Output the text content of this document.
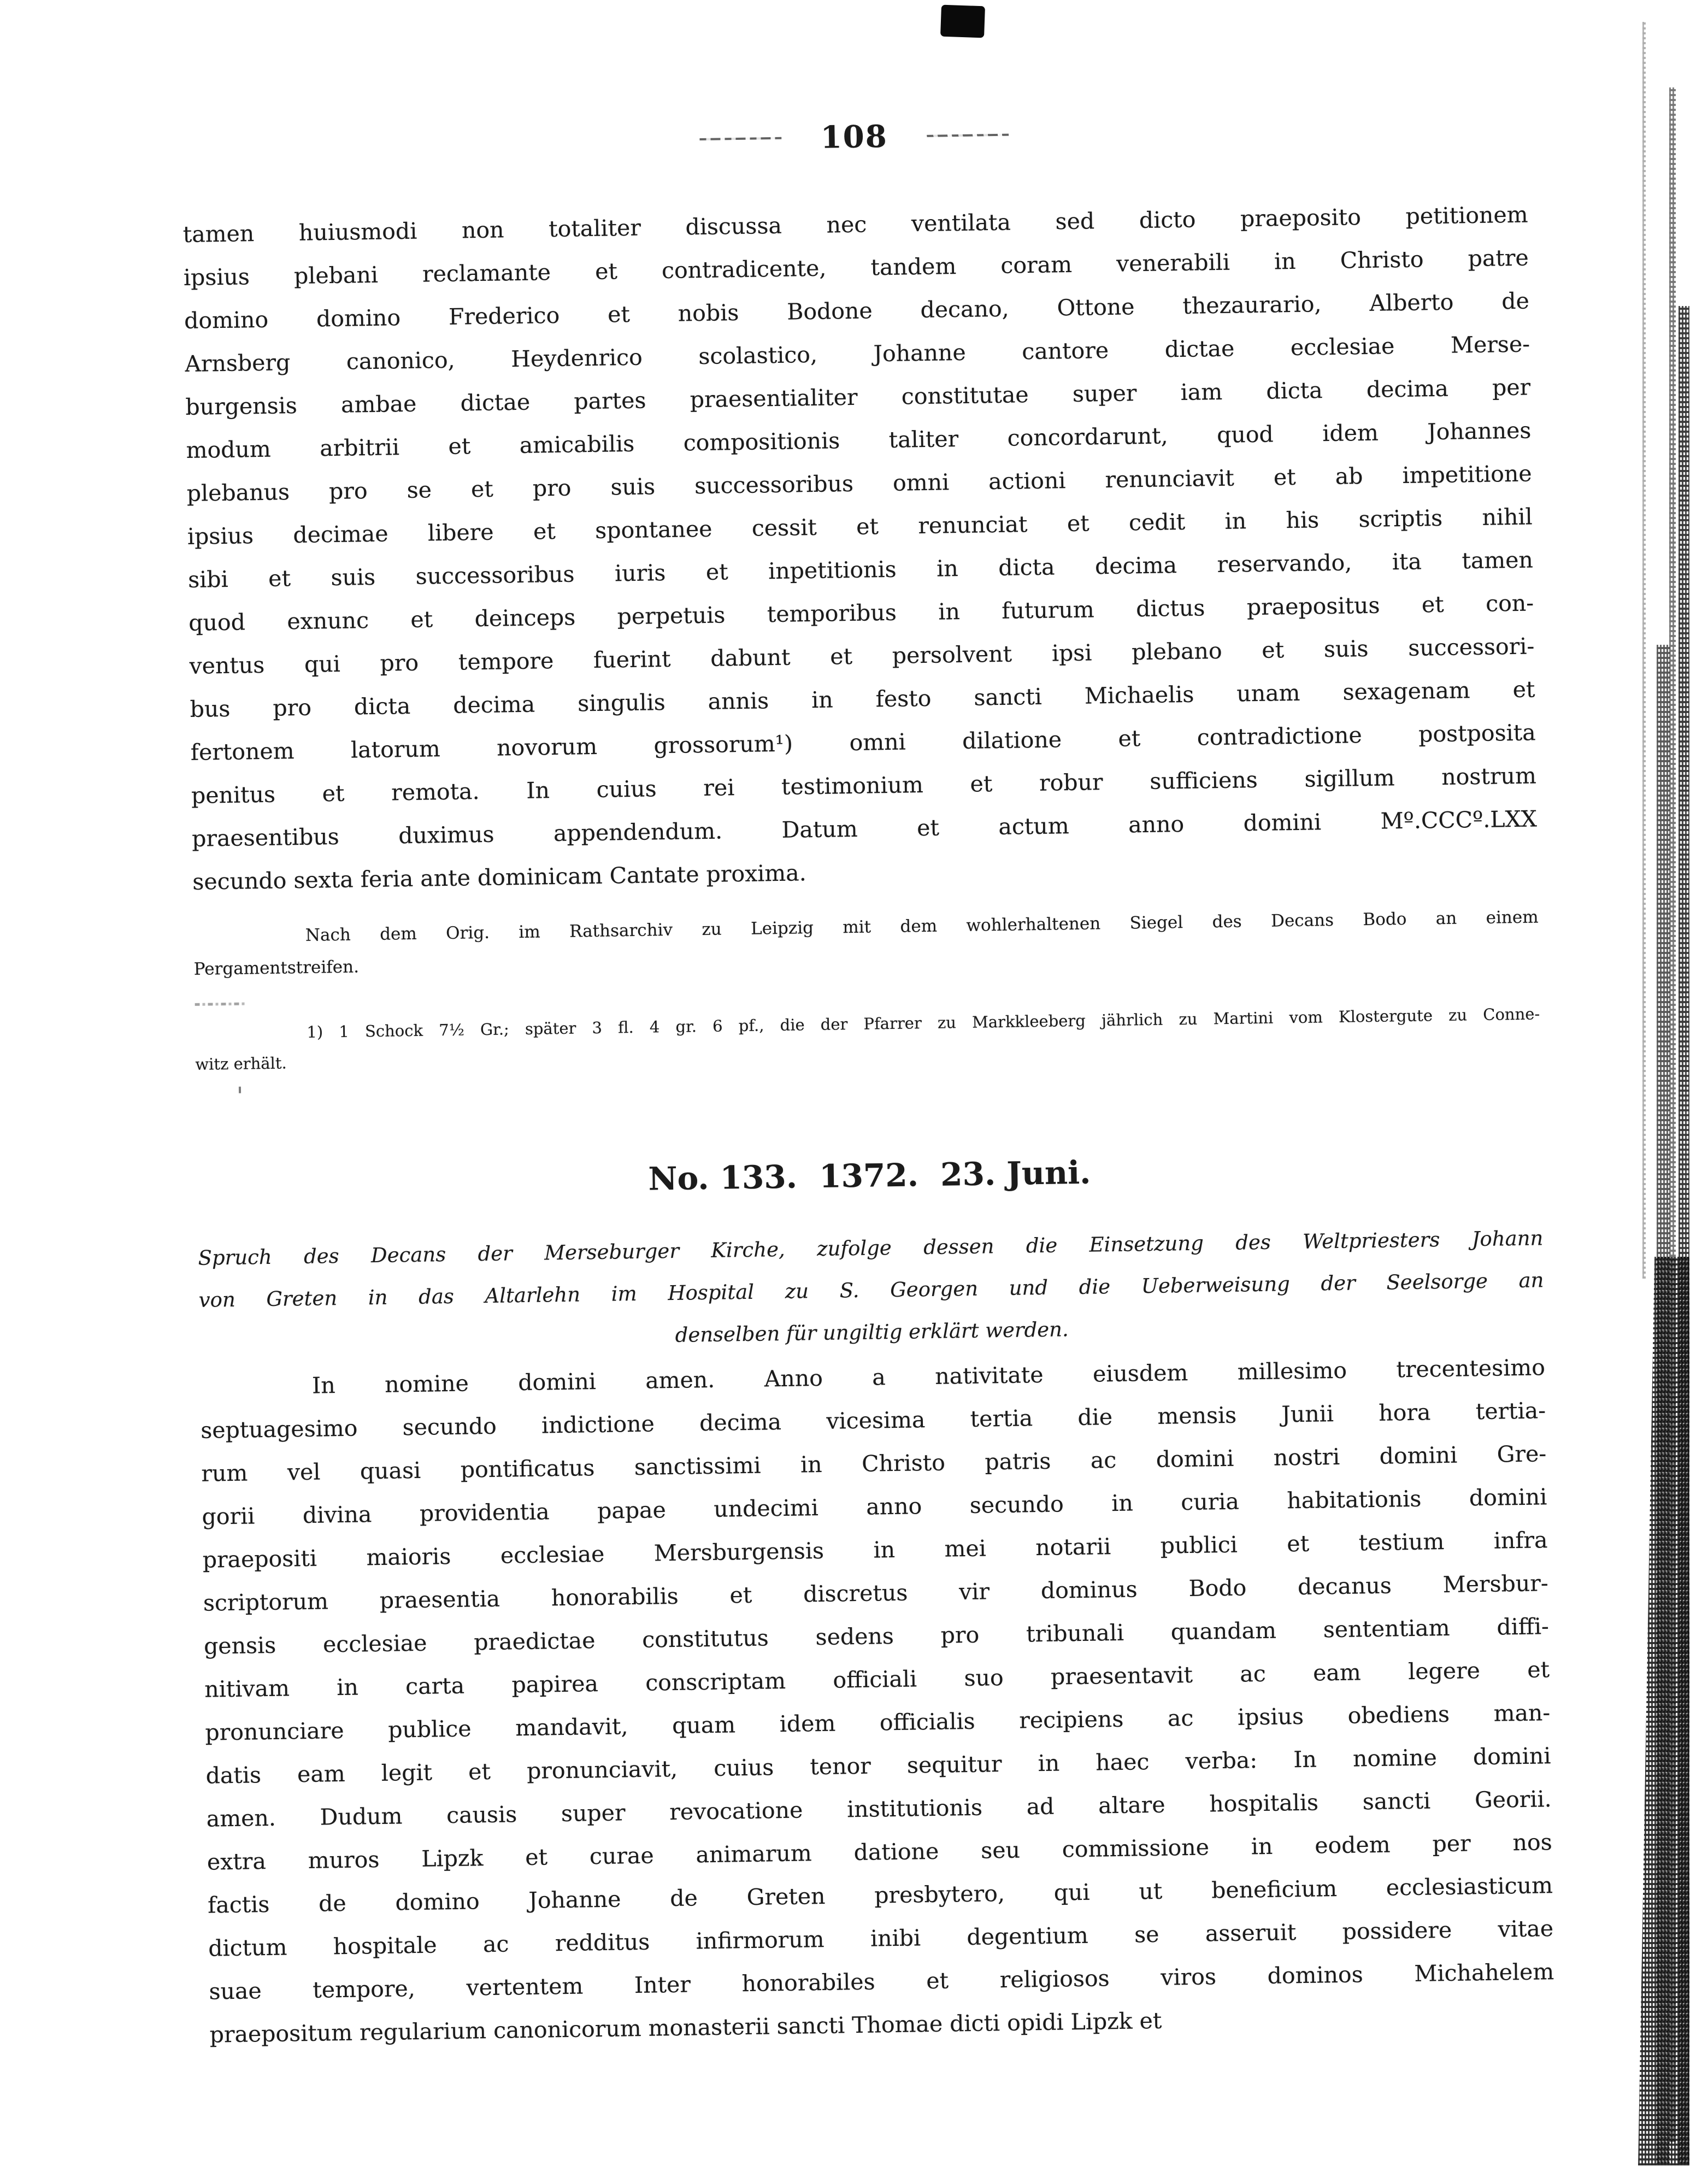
108
tamen huiusmodi non totaliter discussa nec ventilata sed dicto praeposito petitionem
ipsius plebani reclamante et contradicente, tandem coram venerabili in Christo patre
domino domino Frederico et nobis Bodone decano, Ottone thezaurario, Alberto de
Arnsberg canonico, Heydenrico scolastico, Johanne cantore dictae ecclesiae Merse-
burgensis ambae dictae partes praesentialiter constitutae super iam dicta decima per
modum arbitrii et amicabilis compositionis taliter concordarunt, quod idem Johannes
plebanus pro se et pro suis successoribus omni actioni renunciavit et ab impetitione
ipsius decimae libere et spontanee cessit et renunciat et cedit in his scriptis nihil
sibi et suis successoribus iuris et inpetitionis in dicta decima reservando, ita tamen
quod exnunc et deinceps perpetuis temporibus in futurum dictus praepositus et con-
ventus qui pro tempore fuerint dabunt et persolvent ipsi plebano et suis successori-
bus pro dicta decima singulis annis in festo sancti Michaelis unam sexagenam et
fertonem latorum novorum grossorum¹) omni dilatione et contradictione postposita
penitus et remota. In cuius rei testimonium et robur sufficiens sigillum nostrum
praesentibus duximus appendendum. Datum et actum anno domini Mº.CCCº.LXX
secundo sexta feria ante dominicam Cantate proxima.
Nach dem Orig. im Rathsarchiv zu Leipzig mit dem wohlerhaltenen Siegel des Decans Bodo an einem
Pergamentstreifen.
1) 1 Schock 7½ Gr.; später 3 fl. 4 gr. 6 pf., die der Pfarrer zu Markkleeberg jährlich zu Martini vom Klostergute zu Conne-
witz erhält.
No. 133.  1372.  23. Juni.
Spruch des Decans der Merseburger Kirche, zufolge dessen die Einsetzung des Weltpriesters Johann
von Greten in das Altarlehn im Hospital zu S. Georgen und die Ueberweisung der Seelsorge an
denselben für ungiltig erklärt werden.
In nomine domini amen. Anno a nativitate eiusdem millesimo trecentesimo
septuagesimo secundo indictione decima vicesima tertia die mensis Junii hora tertia-
rum vel quasi pontificatus sanctissimi in Christo patris ac domini nostri domini Gre-
gorii divina providentia papae undecimi anno secundo in curia habitationis domini
praepositi maioris ecclesiae Mersburgensis in mei notarii publici et testium infra
scriptorum praesentia honorabilis et discretus vir dominus Bodo decanus Mersbur-
gensis ecclesiae praedictae constitutus sedens pro tribunali quandam sententiam diffi-
nitivam in carta papirea conscriptam officiali suo praesentavit ac eam legere et
pronunciare publice mandavit, quam idem officialis recipiens ac ipsius obediens man-
datis eam legit et pronunciavit, cuius tenor sequitur in haec verba: In nomine domini
amen. Dudum causis super revocatione institutionis ad altare hospitalis sancti Georii.
extra muros Lipzk et curae animarum datione seu commissione in eodem per nos
factis de domino Johanne de Greten presbytero, qui ut beneficium ecclesiasticum
dictum hospitale ac redditus infirmorum inibi degentium se asseruit possidere vitae
suae tempore, vertentem Inter honorabiles et religiosos viros dominos Michahelem
praepositum regularium canonicorum monasterii sancti Thomae dicti opidi Lipzk et
